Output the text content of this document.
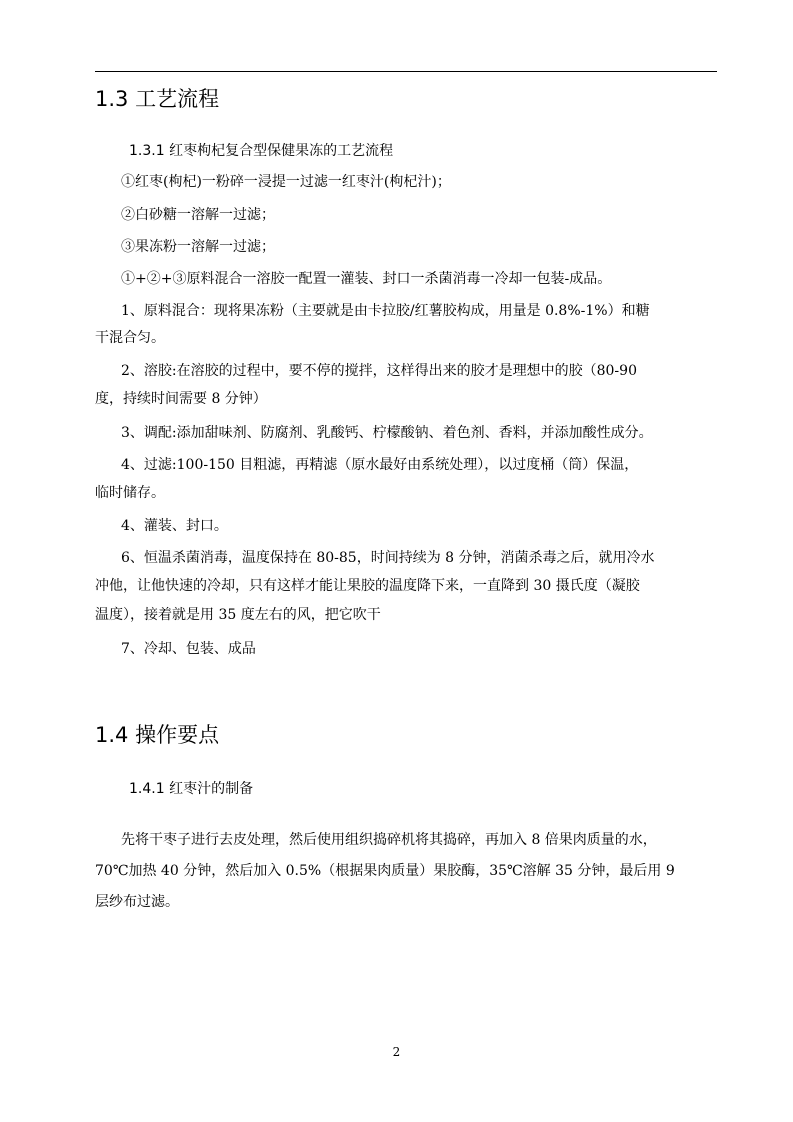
1.3 工艺流程
1.3.1 红枣枸杞复合型保健果冻的工艺流程
①红枣(枸杞)一粉碎一浸提一过滤一红枣汁(枸杞汁)；
②白砂糖一溶解一过滤；
③果冻粉一溶解一过滤；
①+②+③原料混合一溶胶一配置一灌装、封口一杀菌消毒一冷却一包装-成品。
1、原料混合：现将果冻粉（主要就是由卡拉胶/红薯胶构成，用量是 0.8%-1%）和糖
干混合匀。
2、溶胶:在溶胶的过程中，要不停的搅拌，这样得出来的胶才是理想中的胶（80-90
度，持续时间需要 8 分钟）
3、调配:添加甜味剂、防腐剂、乳酸钙、柠檬酸钠、着色剂、香料，并添加酸性成分。
4、过滤:100-150 目粗滤，再精滤（原水最好由系统处理），以过度桶（筒）保温，
临时储存。
4、灌装、封口。
6、恒温杀菌消毒，温度保持在 80-85，时间持续为 8 分钟，消菌杀毒之后，就用冷水
冲他，让他快速的冷却，只有这样才能让果胶的温度降下来，一直降到 30 摄氏度（凝胶
温度），接着就是用 35 度左右的风，把它吹干
7、冷却、包装、成品
1.4 操作要点
1.4.1 红枣汁的制备
先将干枣子进行去皮处理，然后使用组织捣碎机将其捣碎，再加入 8 倍果肉质量的水，
70℃加热 40 分钟，然后加入 0.5%（根据果肉质量）果胶酶，35℃溶解 35 分钟，最后用 9
层纱布过滤。
2
